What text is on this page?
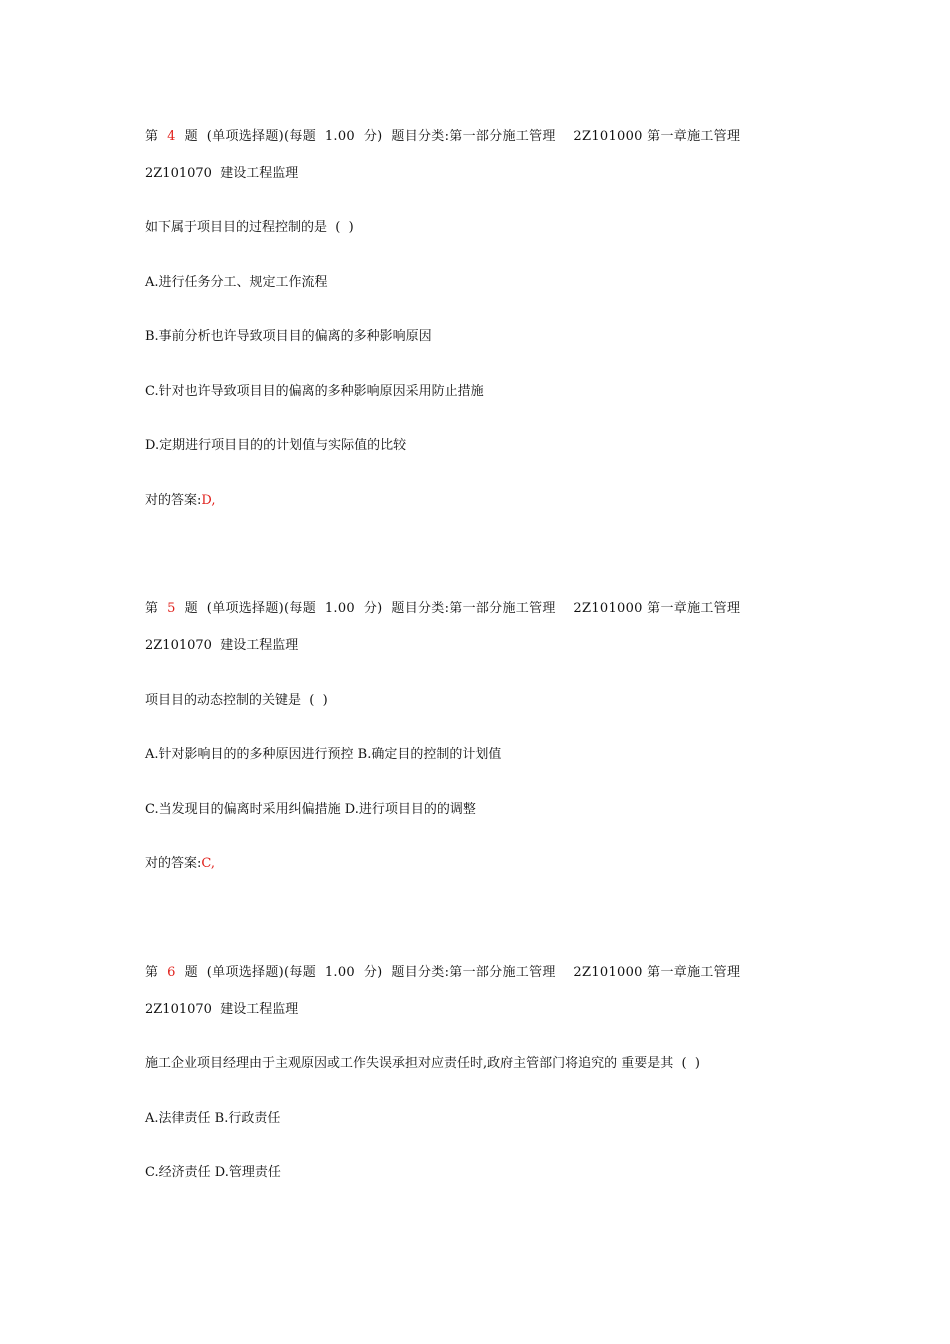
第  4  题  (单项选择题)(每题  1.00  分)  题目分类:第一部分施工管理    2Z101000 第一章施工管理
2Z101070  建设工程监理
如下属于项目目的过程控制的是  (  )
A.进行任务分工、规定工作流程
B.事前分析也许导致项目目的偏离的多种影响原因
C.针对也许导致项目目的偏离的多种影响原因采用防止措施
D.定期进行项目目的的计划值与实际值的比较
对的答案:D,
第  5  题  (单项选择题)(每题  1.00  分)  题目分类:第一部分施工管理    2Z101000 第一章施工管理
2Z101070  建设工程监理
项目目的动态控制的关键是  (  )
A.针对影响目的的多种原因进行预控 B.确定目的控制的计划值
C.当发现目的偏离时采用纠偏措施 D.进行项目目的的调整
对的答案:C,
第  6  题  (单项选择题)(每题  1.00  分)  题目分类:第一部分施工管理    2Z101000 第一章施工管理
2Z101070  建设工程监理
施工企业项目经理由于主观原因或工作失误承担对应责任时,政府主管部门将追究的 重要是其  (  )
A.法律责任 B.行政责任
C.经济责任 D.管理责任
